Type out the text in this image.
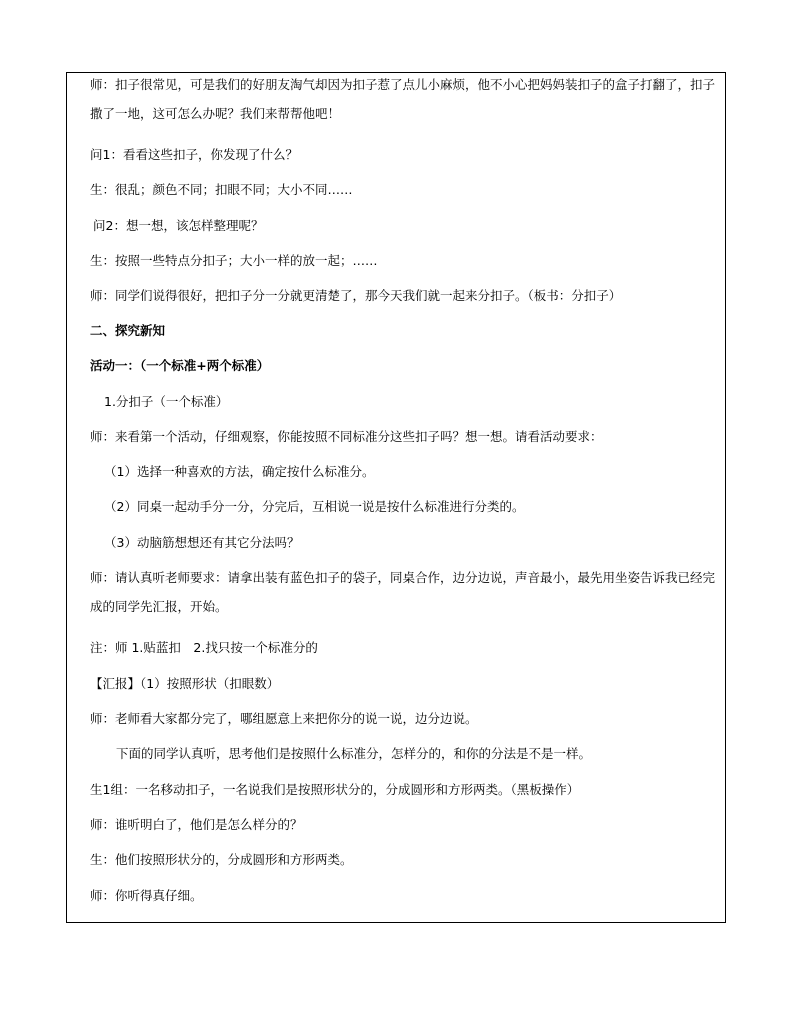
师：扣子很常见，可是我们的好朋友淘气却因为扣子惹了点儿小麻烦，他不小心把妈妈装扣子的盒子打翻了，扣子撒了一地，这可怎么办呢？我们来帮帮他吧！
问1：看看这些扣子，你发现了什么？
生：很乱；颜色不同；扣眼不同；大小不同……
问2：想一想，该怎样整理呢？
生：按照一些特点分扣子；大小一样的放一起；……
师：同学们说得很好，把扣子分一分就更清楚了，那今天我们就一起来分扣子。（板书：分扣子）
二、探究新知
活动一：（一个标准+两个标准）
1.分扣子（一个标准）
师：来看第一个活动，仔细观察，你能按照不同标准分这些扣子吗？想一想。请看活动要求：
（1）选择一种喜欢的方法，确定按什么标准分。
（2）同桌一起动手分一分，分完后，互相说一说是按什么标准进行分类的。
（3）动脑筋想想还有其它分法吗？
师：请认真听老师要求：请拿出装有蓝色扣子的袋子，同桌合作，边分边说，声音最小，最先用坐姿告诉我已经完成的同学先汇报，开始。
注：师 1.贴蓝扣　2.找只按一个标准分的
【汇报】（1）按照形状（扣眼数）
师：老师看大家都分完了，哪组愿意上来把你分的说一说，边分边说。
下面的同学认真听，思考他们是按照什么标准分，怎样分的，和你的分法是不是一样。
生1组：一名移动扣子，一名说我们是按照形状分的，分成圆形和方形两类。（黑板操作）
师：谁听明白了，他们是怎么样分的？
生：他们按照形状分的，分成圆形和方形两类。
师：你听得真仔细。
